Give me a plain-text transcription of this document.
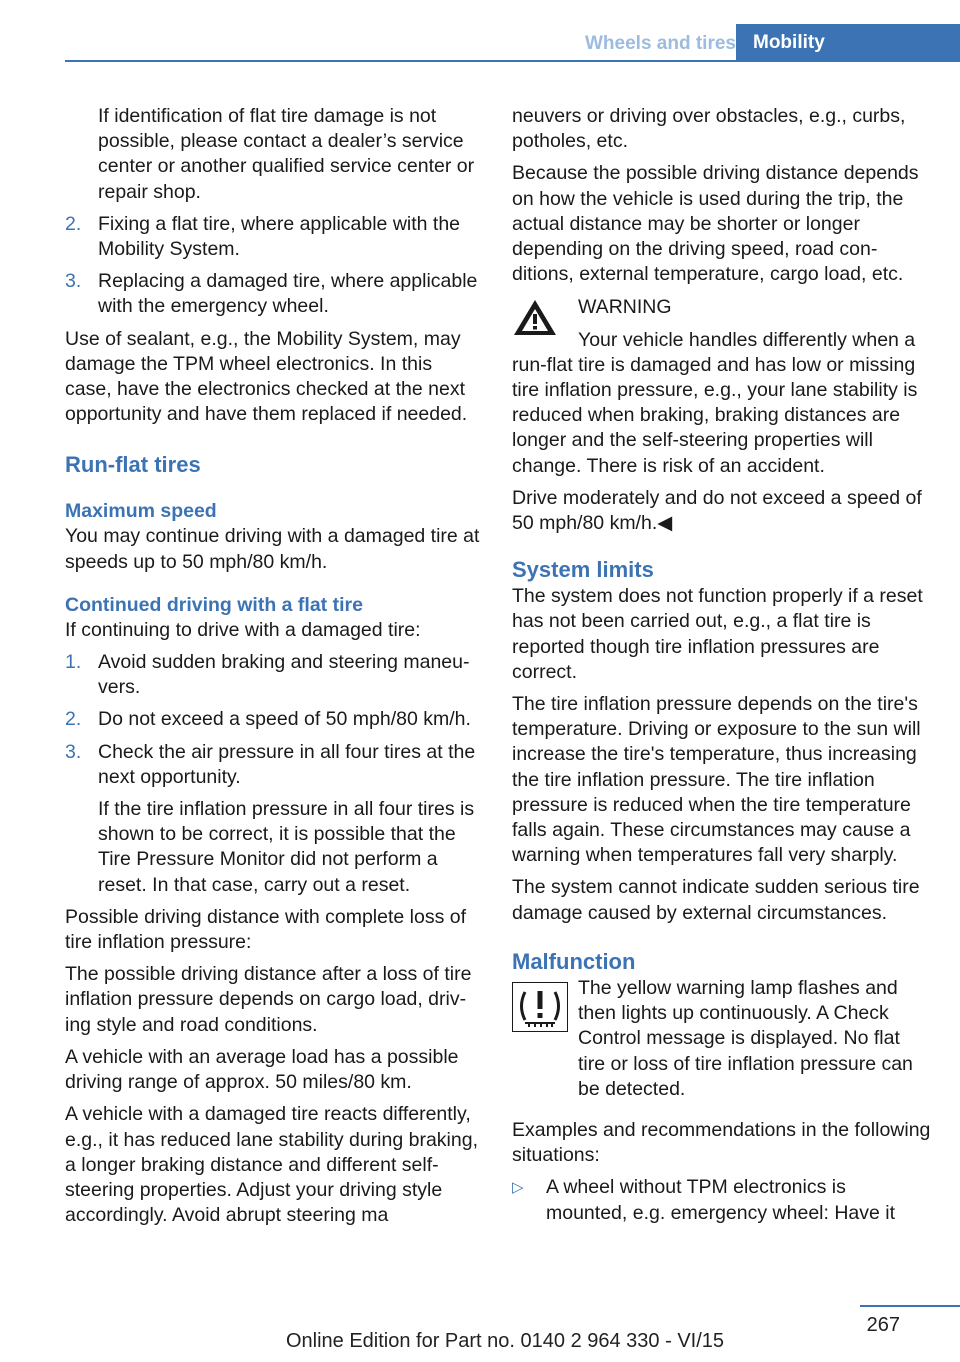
Wheels and tires Mobility

If identification of flat tire damage is not possible, please contact a dealer’s service center or another qualified service center or repair shop.

2. Fixing a flat tire, where applicable with the Mobility System.
3. Replacing a damaged tire, where applicable with the emergency wheel.

Use of sealant, e.g., the Mobility System, may damage the TPM wheel electronics. In this case, have the electronics checked at the next opportunity and have them replaced if needed.

Run-flat tires
Maximum speed

You may continue driving with a damaged tire at speeds up to 50 mph/80 km/h.

Continued driving with a flat tire

If continuing to drive with a damaged tire:

1. Avoid sudden braking and steering maneuvers.
2. Do not exceed a speed of 50 mph/80 km/h.
3. Check the air pressure in all four tires at the next opportunity.

If the tire inflation pressure in all four tires is shown to be correct, it is possible that the Tire Pressure Monitor did not perform a reset. In that case, carry out a reset.

Possible driving distance with complete loss of tire inflation pressure:

The possible driving distance after a loss of tire inflation pressure depends on cargo load, driving style and road conditions.

A vehicle with an average load has a possible driving range of approx. 50 miles/80 km.

A vehicle with a damaged tire reacts differently, e.g., it has reduced lane stability during braking, a longer braking distance and different self-steering properties. Adjust your driving style accordingly. Avoid abrupt steering ma

neuvers or driving over obstacles, e.g., curbs, potholes, etc.

Because the possible driving distance depends on how the vehicle is used during the trip, the actual distance may be shorter or longer depending on the driving speed, road conditions, external temperature, cargo load, etc.

WARNING
Your vehicle handles differently when a

run-flat tire is damaged and has low or missing tire inflation pressure, e.g., your lane stability is reduced when braking, braking distances are longer and the self-steering properties will change. There is risk of an accident.

Drive moderately and do not exceed a speed of 50 mph/80 km/h.◀

System limits

The system does not function properly if a reset has not been carried out, e.g., a flat tire is reported though tire inflation pressures are correct.

The tire inflation pressure depends on the tire's temperature. Driving or exposure to the sun will increase the tire's temperature, thus increasing the tire inflation pressure. The tire inflation pressure is reduced when the tire temperature falls again. These circumstances may cause a warning when temperatures fall very sharply.

The system cannot indicate sudden serious tire damage caused by external circumstances.

Malfunction

The yellow warning lamp flashes and then lights up continuously. A Check Control message is displayed. No flat tire or loss of tire inflation pressure can be detected.

Examples and recommendations in the following situations:

▷ A wheel without TPM electronics is mounted, e.g. emergency wheel: Have it
267
Online Edition for Part no. 0140 2 964 330 - VI/15
